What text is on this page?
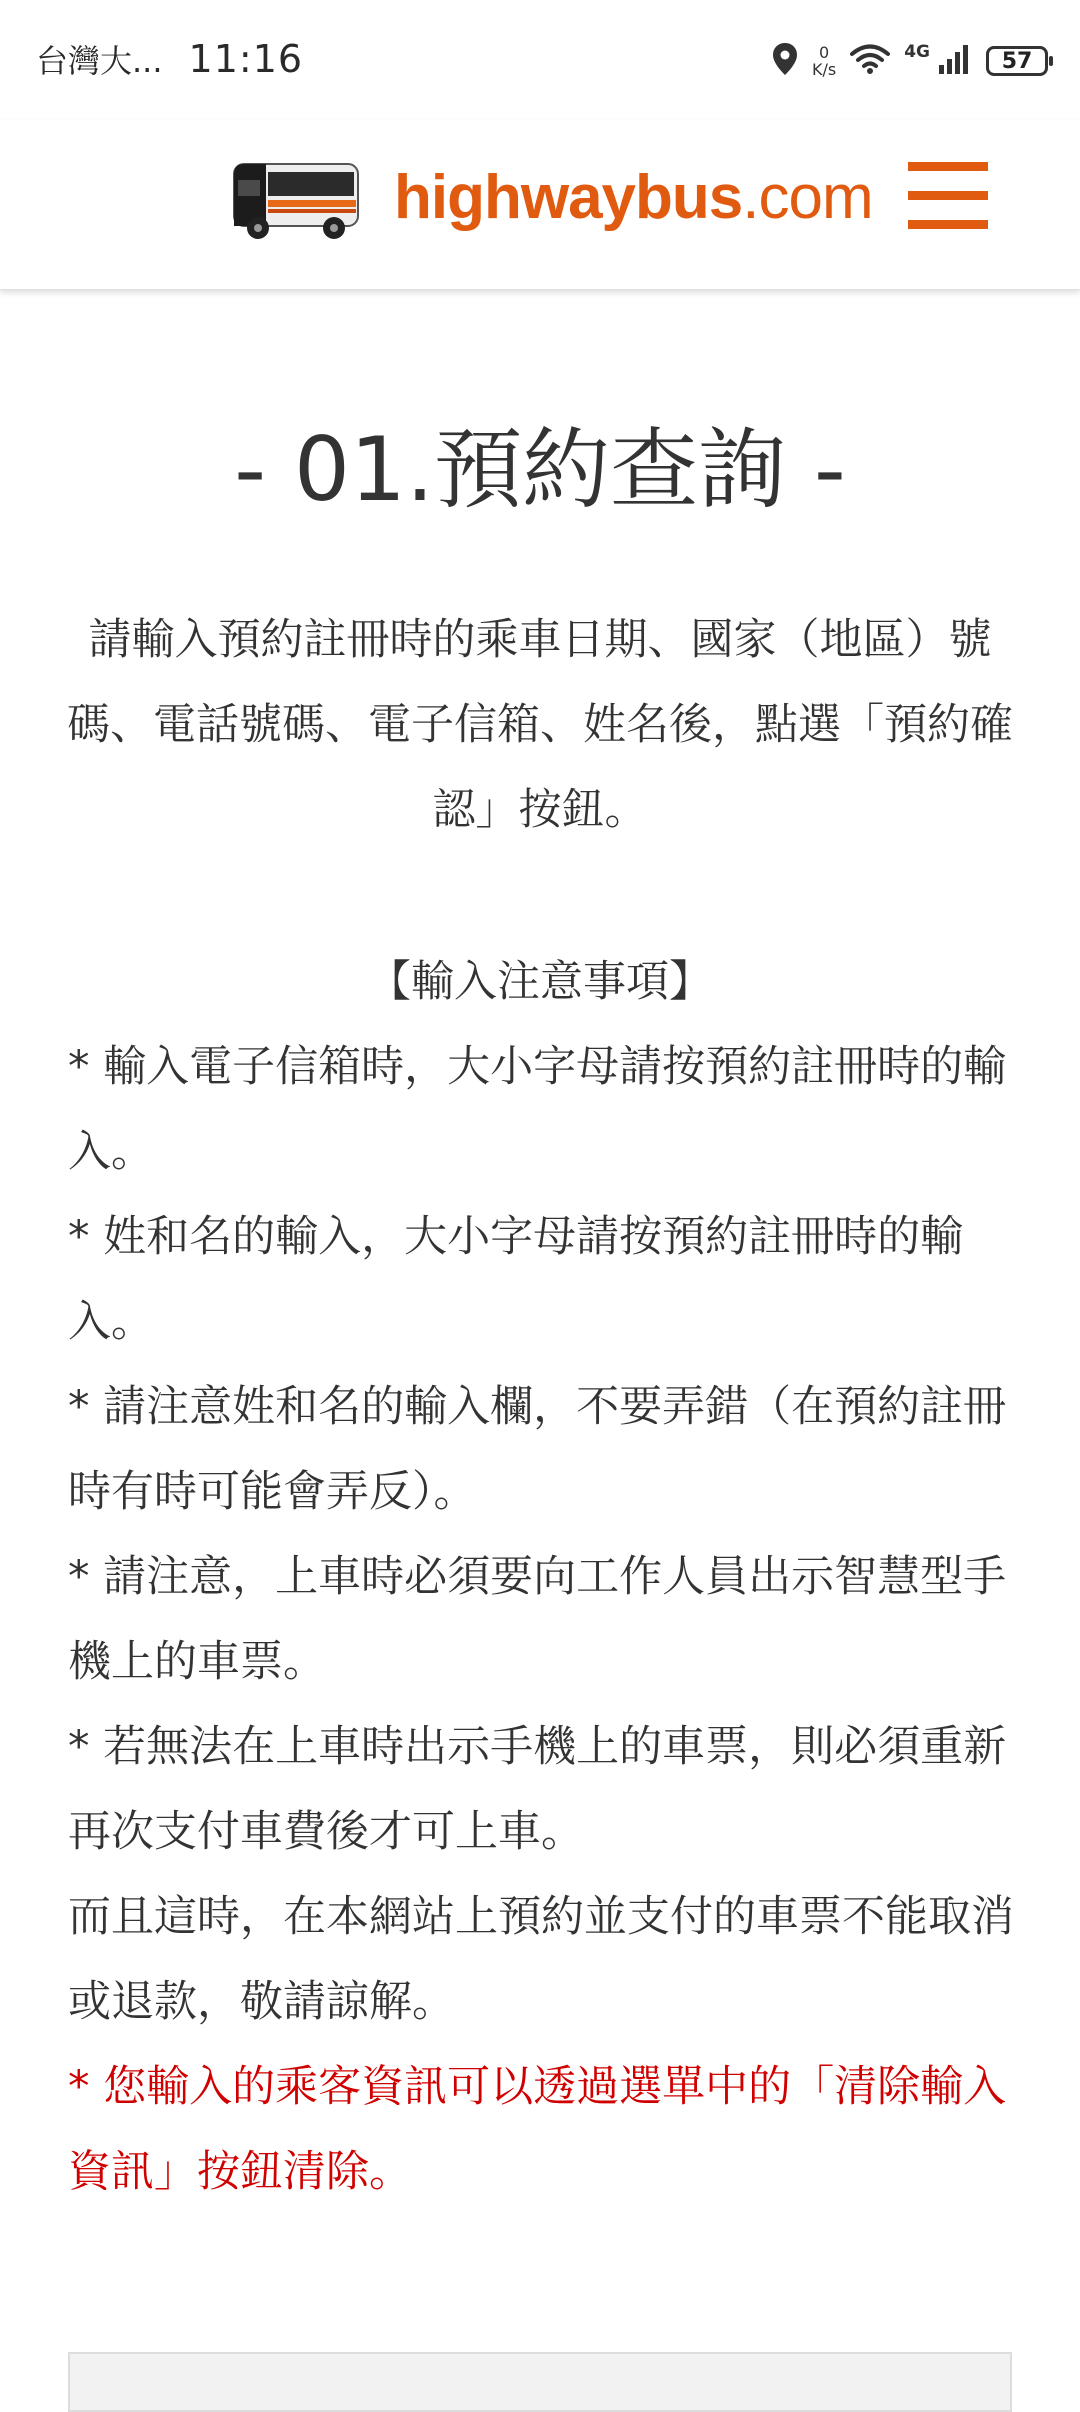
台灣大... 11:16	0
K/s
4G	57
highwaybus.com
- 01.預約查詢 -

請輸入預約註冊時的乘車日期、國家（地區）號碼、電話號碼、電子信箱、姓名後，點選「預約確認」按鈕。

【輸入注意事項】

* 輸入電子信箱時，大小字母請按預約註冊時的輸入。

* 姓和名的輸入，大小字母請按預約註冊時的輸入。

* 請注意姓和名的輸入欄，不要弄錯（在預約註冊時有時可能會弄反）。

* 請注意，上車時必須要向工作人員出示智慧型手機上的車票。

* 若無法在上車時出示手機上的車票，則必須重新再次支付車費後才可上車。

而且這時，在本網站上預約並支付的車票不能取消或退款，敬請諒解。

* 您輸入的乘客資訊可以透過選單中的「清除輸入資訊」按鈕清除。
